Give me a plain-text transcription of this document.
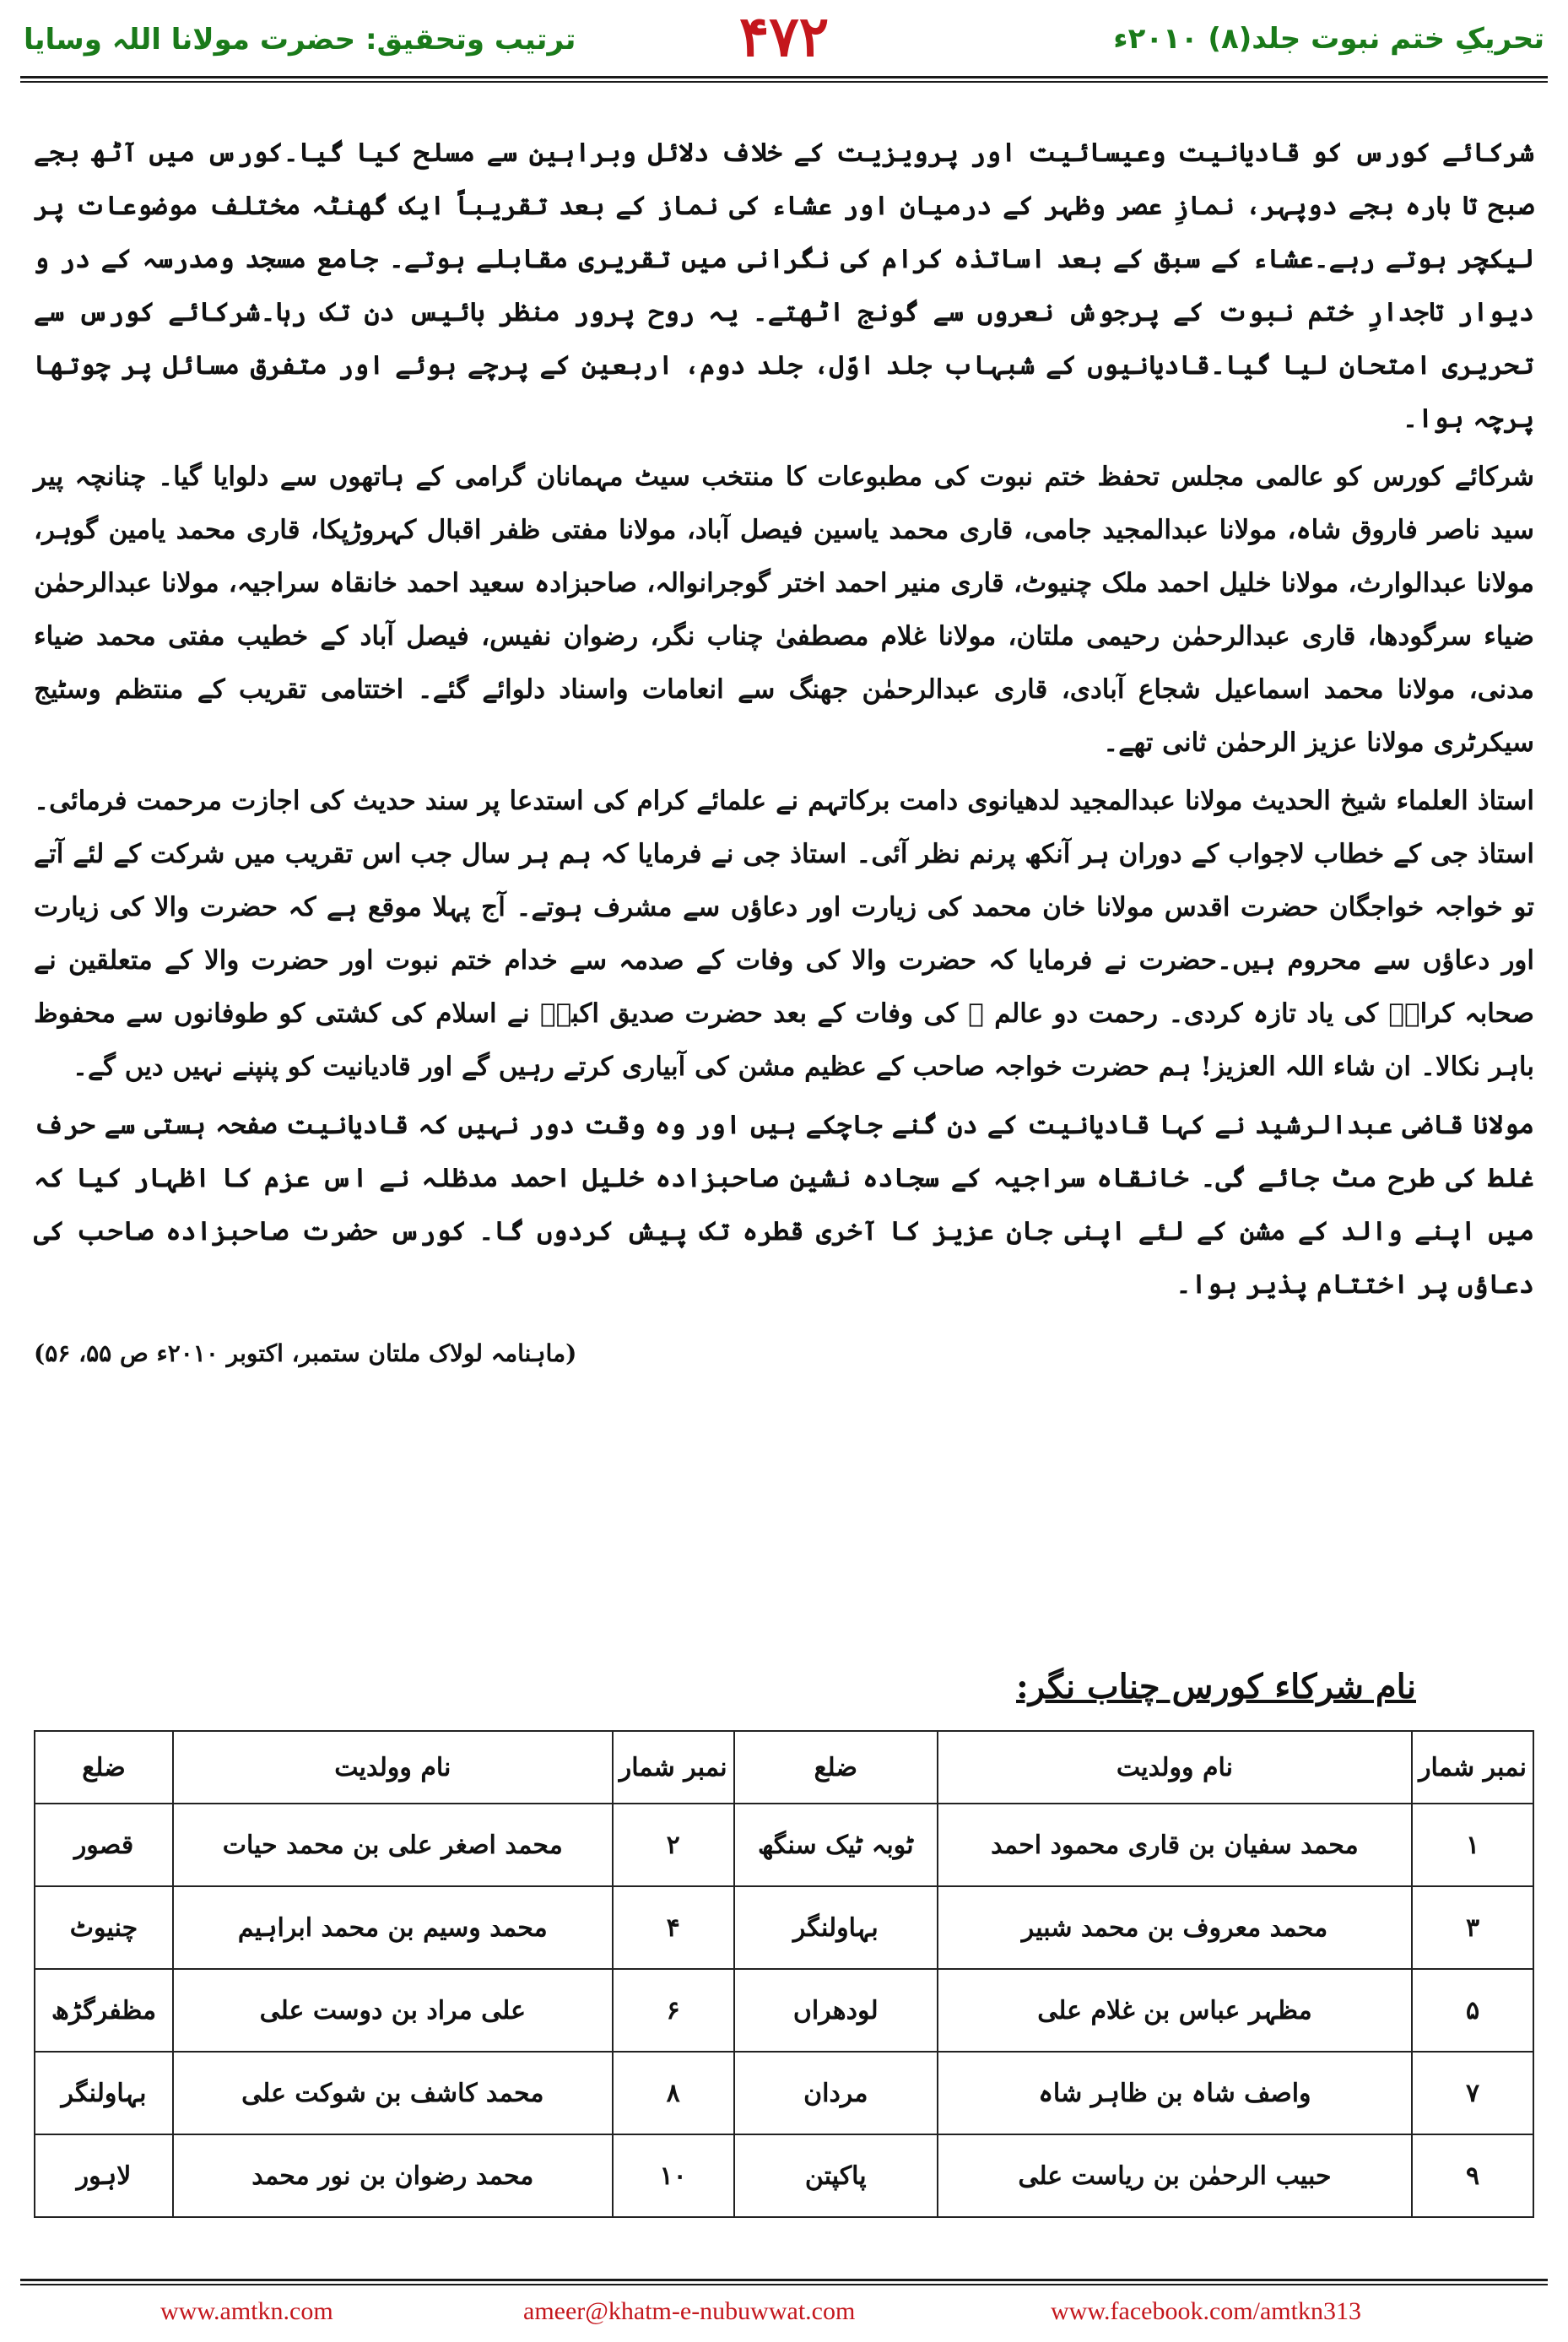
تحریکِ ختم نبوت جلد(۸) ۲۰۱۰ء
۴۷۲
ترتیب وتحقیق: حضرت مولانا اللہ وسایا

شرکائے کورس کو قادیانیت وعیسائیت اور پرویزیت کے خلاف دلائل وبراہین سے مسلح کیا گیا۔کورس میں آٹھ بجے صبح تا بارہ بجے دوپہر، نمازِ عصر وظہر کے درمیان اور عشاء کی نماز کے بعد تقریباً ایک گھنٹہ مختلف موضوعات پر لیکچر ہوتے رہے۔عشاء کے سبق کے بعد اساتذہ کرام کی نگرانی میں تقریری مقابلے ہوتے۔ جامع مسجد ومدرسہ کے در و دیوار تاجدارِ ختم نبوت کے پرجوش نعروں سے گونج اٹھتے۔ یہ روح پرور منظر بائیس دن تک رہا۔شرکائے کورس سے تحریری امتحان لیا گیا۔قادیانیوں کے شبہاب جلد اوّل، جلد دوم، اربعین کے پرچے ہوئے اور متفرق مسائل پر چوتھا پرچہ ہوا۔

شرکائے کورس کو عالمی مجلس تحفظ ختم نبوت کی مطبوعات کا منتخب سیٹ مہمانان گرامی کے ہاتھوں سے دلوایا گیا۔ چنانچہ پیر سید ناصر فاروق شاہ، مولانا عبدالمجید جامی، قاری محمد یاسین فیصل آباد، مولانا مفتی ظفر اقبال کہروڑپکا، قاری محمد یامین گوہر، مولانا عبدالوارث، مولانا خلیل احمد ملک چنیوٹ، قاری منیر احمد اختر گوجرانوالہ، صاحبزادہ سعید احمد خانقاہ سراجیہ، مولانا عبدالرحمٰن ضیاء سرگودھا، قاری عبدالرحمٰن رحیمی ملتان، مولانا غلام مصطفیٰ چناب نگر، رضوان نفیس، فیصل آباد کے خطیب مفتی محمد ضیاء مدنی، مولانا محمد اسماعیل شجاع آبادی، قاری عبدالرحمٰن جھنگ سے انعامات واسناد دلوائے گئے۔ اختتامی تقریب کے منتظم وسٹیج سیکرٹری مولانا عزیز الرحمٰن ثانی تھے۔

استاذ العلماء شیخ الحدیث مولانا عبدالمجید لدھیانوی دامت برکاتہم نے علمائے کرام کی استدعا پر سند حدیث کی اجازت مرحمت فرمائی۔ استاذ جی کے خطاب لاجواب کے دوران ہر آنکھ پرنم نظر آئی۔ استاذ جی نے فرمایا کہ ہم ہر سال جب اس تقریب میں شرکت کے لئے آتے تو خواجہ خواجگان حضرت اقدس مولانا خان محمد کی زیارت اور دعاؤں سے مشرف ہوتے۔ آج پہلا موقع ہے کہ حضرت والا کی زیارت اور دعاؤں سے محروم ہیں۔حضرت نے فرمایا کہ حضرت والا کی وفات کے صدمہ سے خدام ختم نبوت اور حضرت والا کے متعلقین نے صحابہ کرامؓ کی یاد تازہ کردی۔ رحمت دو عالم ﷺ کی وفات کے بعد حضرت صدیق اکبرؓ نے اسلام کی کشتی کو طوفانوں سے محفوظ باہر نکالا۔ ان شاء اللہ العزیز! ہم حضرت خواجہ صاحب کے عظیم مشن کی آبیاری کرتے رہیں گے اور قادیانیت کو پنپنے نہیں دیں گے۔

مولانا قاضی عبدالرشید نے کہا قادیانیت کے دن گنے جاچکے ہیں اور وہ وقت دور نہیں کہ قادیانیت صفحہ ہستی سے حرف غلط کی طرح مٹ جائے گی۔ خانقاہ سراجیہ کے سجادہ نشین صاحبزادہ خلیل احمد مدظلہ نے اس عزم کا اظہار کیا کہ میں اپنے والد کے مشن کے لئے اپنی جان عزیز کا آخری قطرہ تک پیش کردوں گا۔ کورس حضرت صاحبزادہ صاحب کی دعاؤں پر اختتام پذیر ہوا۔

(ماہنامہ لولاک ملتان ستمبر، اکتوبر ۲۰۱۰ء ص ۵۵، ۵۶)
نام شرکاء کورس چناب نگر:
نمبر شمار	نام وولدیت	ضلع	نمبر شمار	نام وولدیت	ضلع
۱	محمد سفیان بن قاری محمود احمد	ٹوبہ ٹیک سنگھ	۲	محمد اصغر علی بن محمد حیات	قصور
۳	محمد معروف بن محمد شبیر	بہاولنگر	۴	محمد وسیم بن محمد ابراہیم	چنیوٹ
۵	مظہر عباس بن غلام علی	لودھراں	۶	علی مراد بن دوست علی	مظفرگڑھ
۷	واصف شاہ بن ظاہر شاہ	مردان	۸	محمد کاشف بن شوکت علی	بہاولنگر
۹	حبیب الرحمٰن بن ریاست علی	پاکپتن	۱۰	محمد رضوان بن نور محمد	لاہور
www.amtkn.com	ameer@khatm-e-nubuwwat.com	www.facebook.com/amtkn313
